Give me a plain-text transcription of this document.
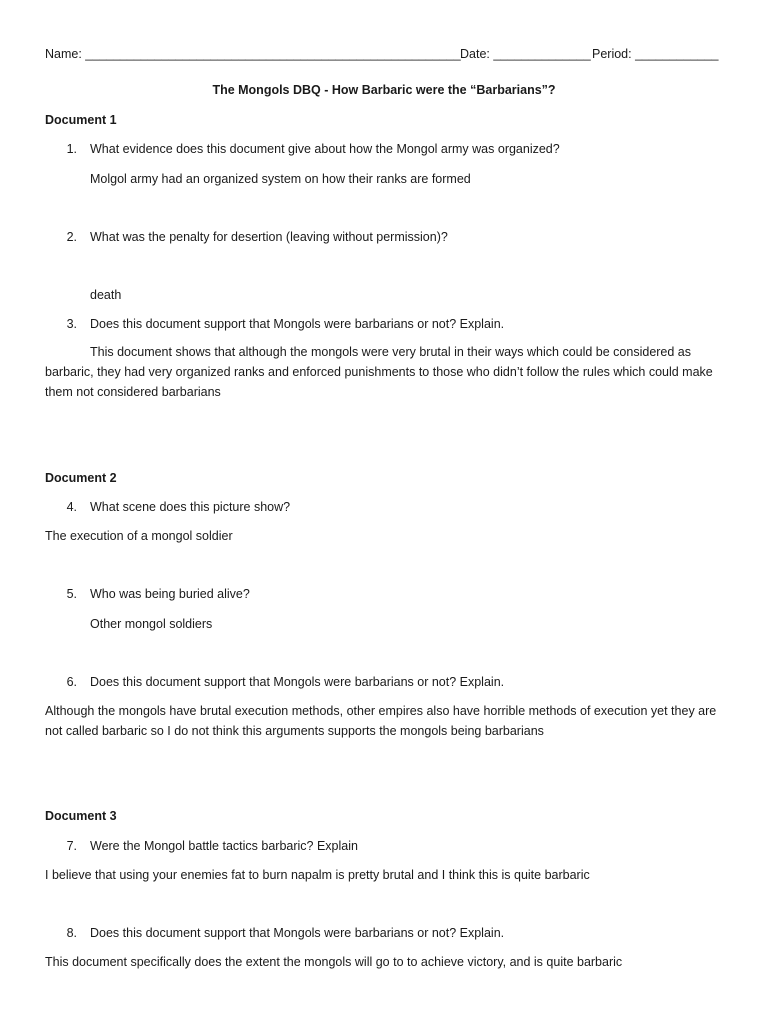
Name: ______________________________________________________ Date: ______________ Period: ____________
The Mongols DBQ - How Barbaric were the “Barbarians”?
Document 1
1. What evidence does this document give about how the Mongol army was organized?
Molgol army had an organized system on how their ranks are formed
2. What was the penalty for desertion (leaving without permission)?
death
3. Does this document support that Mongols were barbarians or not? Explain.
This document shows that although the mongols were very brutal in their ways which could be considered as barbaric, they had very organized ranks and enforced punishments to those who didn’t follow the rules which could make them not considered barbarians
Document 2
4. What scene does this picture show?
The execution of a mongol soldier
5. Who was being buried alive?
Other mongol soldiers
6. Does this document support that Mongols were barbarians or not? Explain.
Although the mongols have brutal execution methods, other empires also have horrible methods of execution yet they are not called barbaric so I do not think this arguments supports the mongols being barbarians
Document 3
7. Were the Mongol battle tactics barbaric? Explain
I believe that using your enemies fat to burn napalm is pretty brutal and I think this is quite barbaric
8. Does this document support that Mongols were barbarians or not? Explain.
This document specifically does the extent the mongols will go to to achieve victory, and is quite barbaric
